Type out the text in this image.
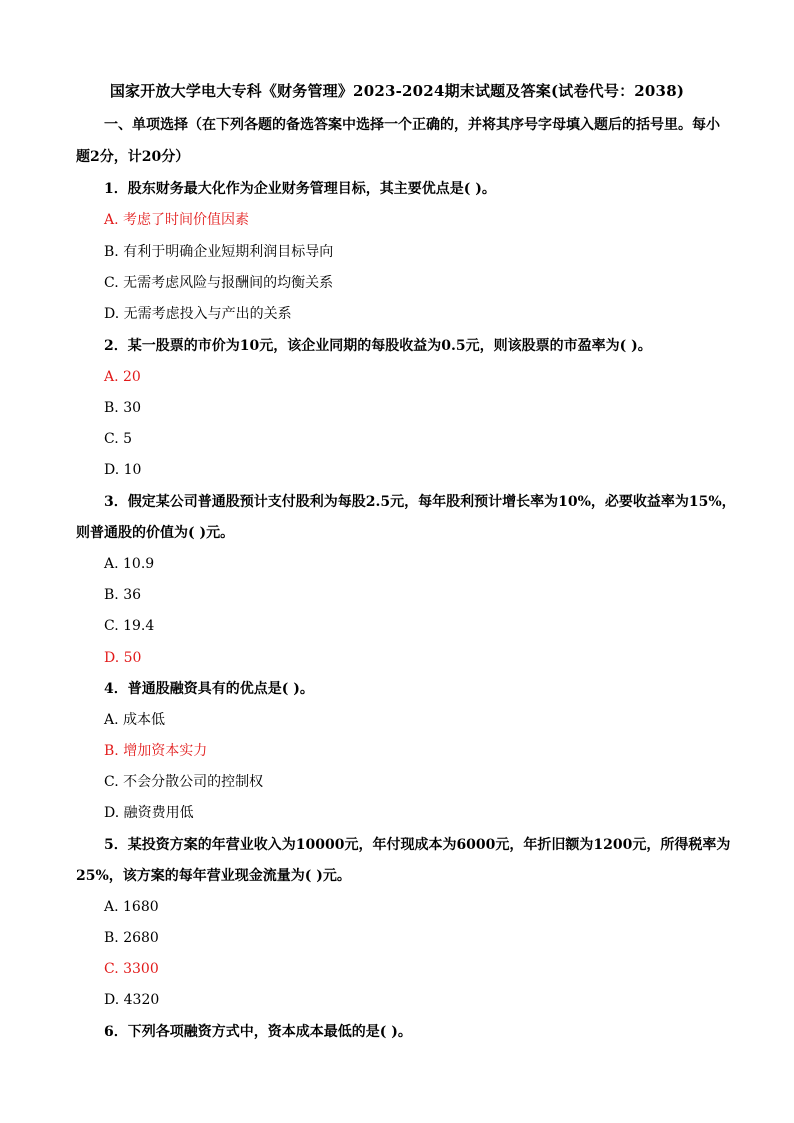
国家开放大学电大专科《财务管理》2023-2024期末试题及答案(试卷代号：2038)
一、单项选择（在下列各题的备选答案中选择一个正确的，并将其序号字母填入题后的括号里。每小
题2分，计20分）
1．股东财务最大化作为企业财务管理目标，其主要优点是( )。
A. 考虑了时间价值因素
B. 有利于明确企业短期利润目标导向
C. 无需考虑风险与报酬间的均衡关系
D. 无需考虑投入与产出的关系
2．某一股票的市价为10元，该企业同期的每股收益为0.5元，则该股票的市盈率为( )。
A. 20
B. 30
C. 5
D. 10
3．假定某公司普通股预计支付股利为每股2.5元，每年股利预计增长率为10%，必要收益率为15%，
则普通股的价值为( )元。
A. 10.9
B. 36
C. 19.4
D. 50
4．普通股融资具有的优点是( )。
A. 成本低
B. 增加资本实力
C. 不会分散公司的控制权
D. 融资费用低
5．某投资方案的年营业收入为10000元，年付现成本为6000元，年折旧额为1200元，所得税率为
25%，该方案的每年营业现金流量为( )元。
A. 1680
B. 2680
C. 3300
D. 4320
6．下列各项融资方式中，资本成本最低的是( )。
